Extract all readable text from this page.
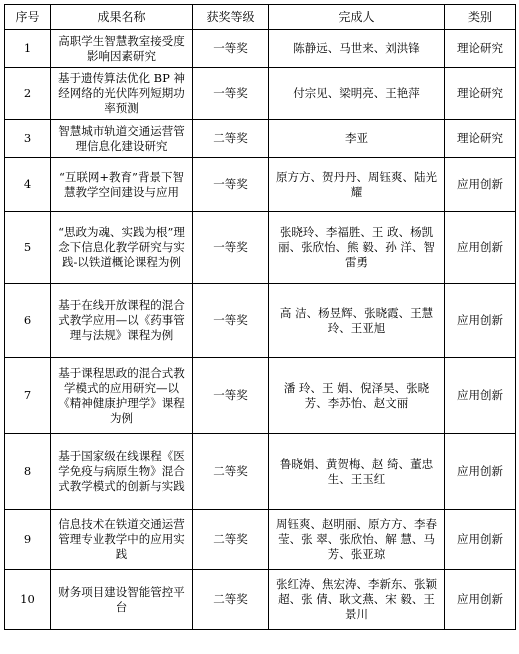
序号	成果名称	获奖等级	完成人	类别
1	高职学生智慧教室接受度影响因素研究	一等奖	陈静远、马世来、刘洪锋	理论研究
2	基于遗传算法优化 BP 神经网络的光伏阵列短期功率预测	一等奖	付宗见、梁明亮、王艳萍	理论研究
3	智慧城市轨道交通运营管理信息化建设研究	二等奖	李亚	理论研究
4	“互联网+教育”背景下智慧教学空间建设与应用	一等奖	原方方、贺丹丹、周钰爽、陆光耀	应用创新
5	“思政为魂、实践为根”理念下信息化教学研究与实践-以铁道概论课程为例	一等奖	张晓玲、李福胜、王 政、杨凯丽、张欣怡、熊 毅、孙 洋、智雷勇	应用创新
6	基于在线开放课程的混合式教学应用—以《药事管理与法规》课程为例	一等奖	高 洁、杨昱辉、张晓霞、王慧玲、王亚旭	应用创新
7	基于课程思政的混合式教学模式的应用研究—以《精神健康护理学》课程为例	一等奖	潘 玲、王 娟、倪泽昊、张晓芳、李苏怡、赵文丽	应用创新
8	基于国家级在线课程《医学免疫与病原生物》混合式教学模式的创新与实践	二等奖	鲁晓娟、黄贺梅、赵 绮、董忠生、王玉红	应用创新
9	信息技术在铁道交通运营管理专业教学中的应用实践	二等奖	周钰爽、赵明丽、原方方、李春莹、张 翠、张欣怡、解 慧、马 芳、张亚琼	应用创新
10	财务项目建设智能管控平台	二等奖	张红涛、焦宏涛、李新东、张颖超、张 倩、耿文燕、宋 毅、王景川	应用创新
